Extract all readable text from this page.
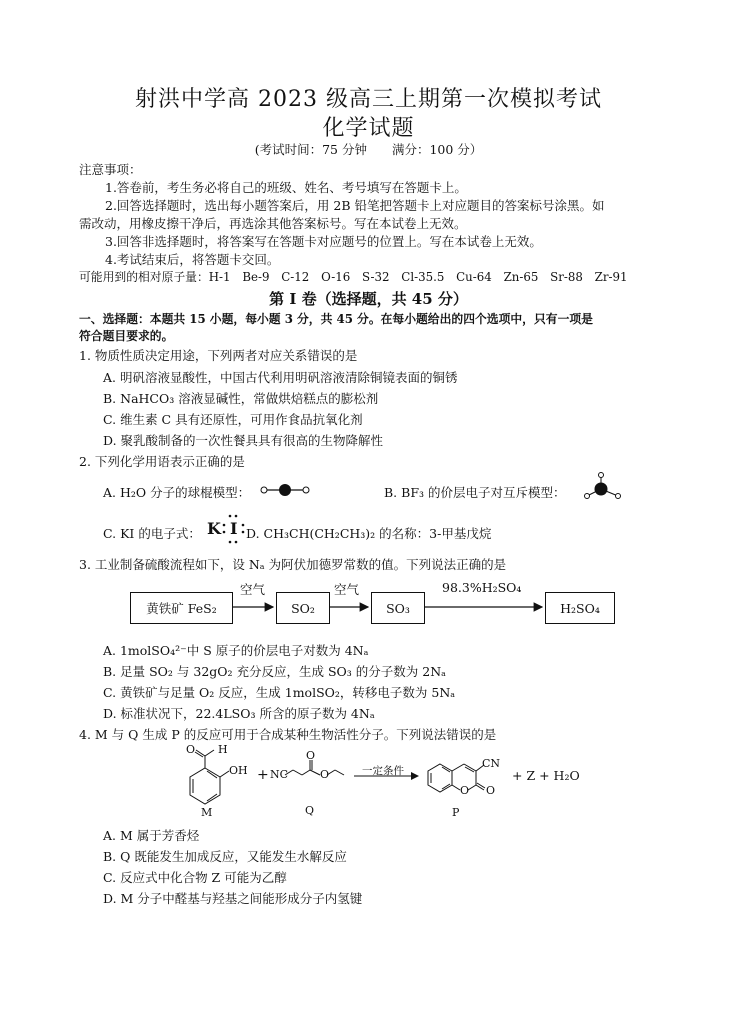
射洪中学高 2023 级高三上期第一次模拟考试
化学试题
(考试时间：75 分钟　　满分：100 分）
注意事项：
1.答卷前，考生务必将自己的班级、姓名、考号填写在答题卡上。
2.回答选择题时，选出每小题答案后，用 2B 铅笔把答题卡上对应题目的答案标号涂黑。如
需改动，用橡皮擦干净后，再选涂其他答案标号。写在本试卷上无效。
3.回答非选择题时，将答案写在答题卡对应题号的位置上。写在本试卷上无效。
4.考试结束后，将答题卡交回。
可能用到的相对原子量：H-1　Be-9　C-12　O-16　S-32　Cl-35.5　Cu-64　Zn-65　Sr-88　Zr-91
第 I 卷（选择题，共 45 分）
一、选择题：本题共 15 小题，每小题 3 分，共 45 分。在每小题给出的四个选项中，只有一项是
符合题目要求的。
1. 物质性质决定用途，下列两者对应关系错误的是
A. 明矾溶液显酸性，中国古代利用明矾溶液清除铜镜表面的铜锈
B. NaHCO₃ 溶液显碱性，常做烘焙糕点的膨松剂
C. 维生素 C 具有还原性，可用作食品抗氧化剂
D. 聚乳酸制备的一次性餐具具有很高的生物降解性
2. 下列化学用语表示正确的是
A. H₂O 分子的球棍模型：	B. BF₃ 的价层电子对互斥模型：
C. KI 的电子式： K I D. CH₃CH(CH₂CH₃)₂ 的名称：3-甲基戊烷
3. 工业制备硫酸流程如下，设 Nₐ 为阿伏加德罗常数的值。下列说法正确的是
黄铁矿 FeS₂	SO₂	SO₃	H₂SO₄
空气	空气	98.3%H₂SO₄
A. 1molSO₄²⁻中 S 原子的价层电子对数为 4Nₐ
B. 足量 SO₂ 与 32gO₂ 充分反应，生成 SO₃ 的分子数为 2Nₐ
C. 黄铁矿与足量 O₂ 反应，生成 1molSO₂，转移电子数为 5Nₐ
D. 标准状况下，22.4LSO₃ 所含的原子数为 4Nₐ
4. M 与 Q 生成 P 的反应可用于合成某种生物活性分子。下列说法错误的是
H
O
OH
M
+ NC
O
O
Q
一定条件
CN
O O
P
+ Z + H₂O
A. M 属于芳香烃
B. Q 既能发生加成反应，又能发生水解反应
C. 反应式中化合物 Z 可能为乙醇
D. M 分子中醛基与羟基之间能形成分子内氢键
